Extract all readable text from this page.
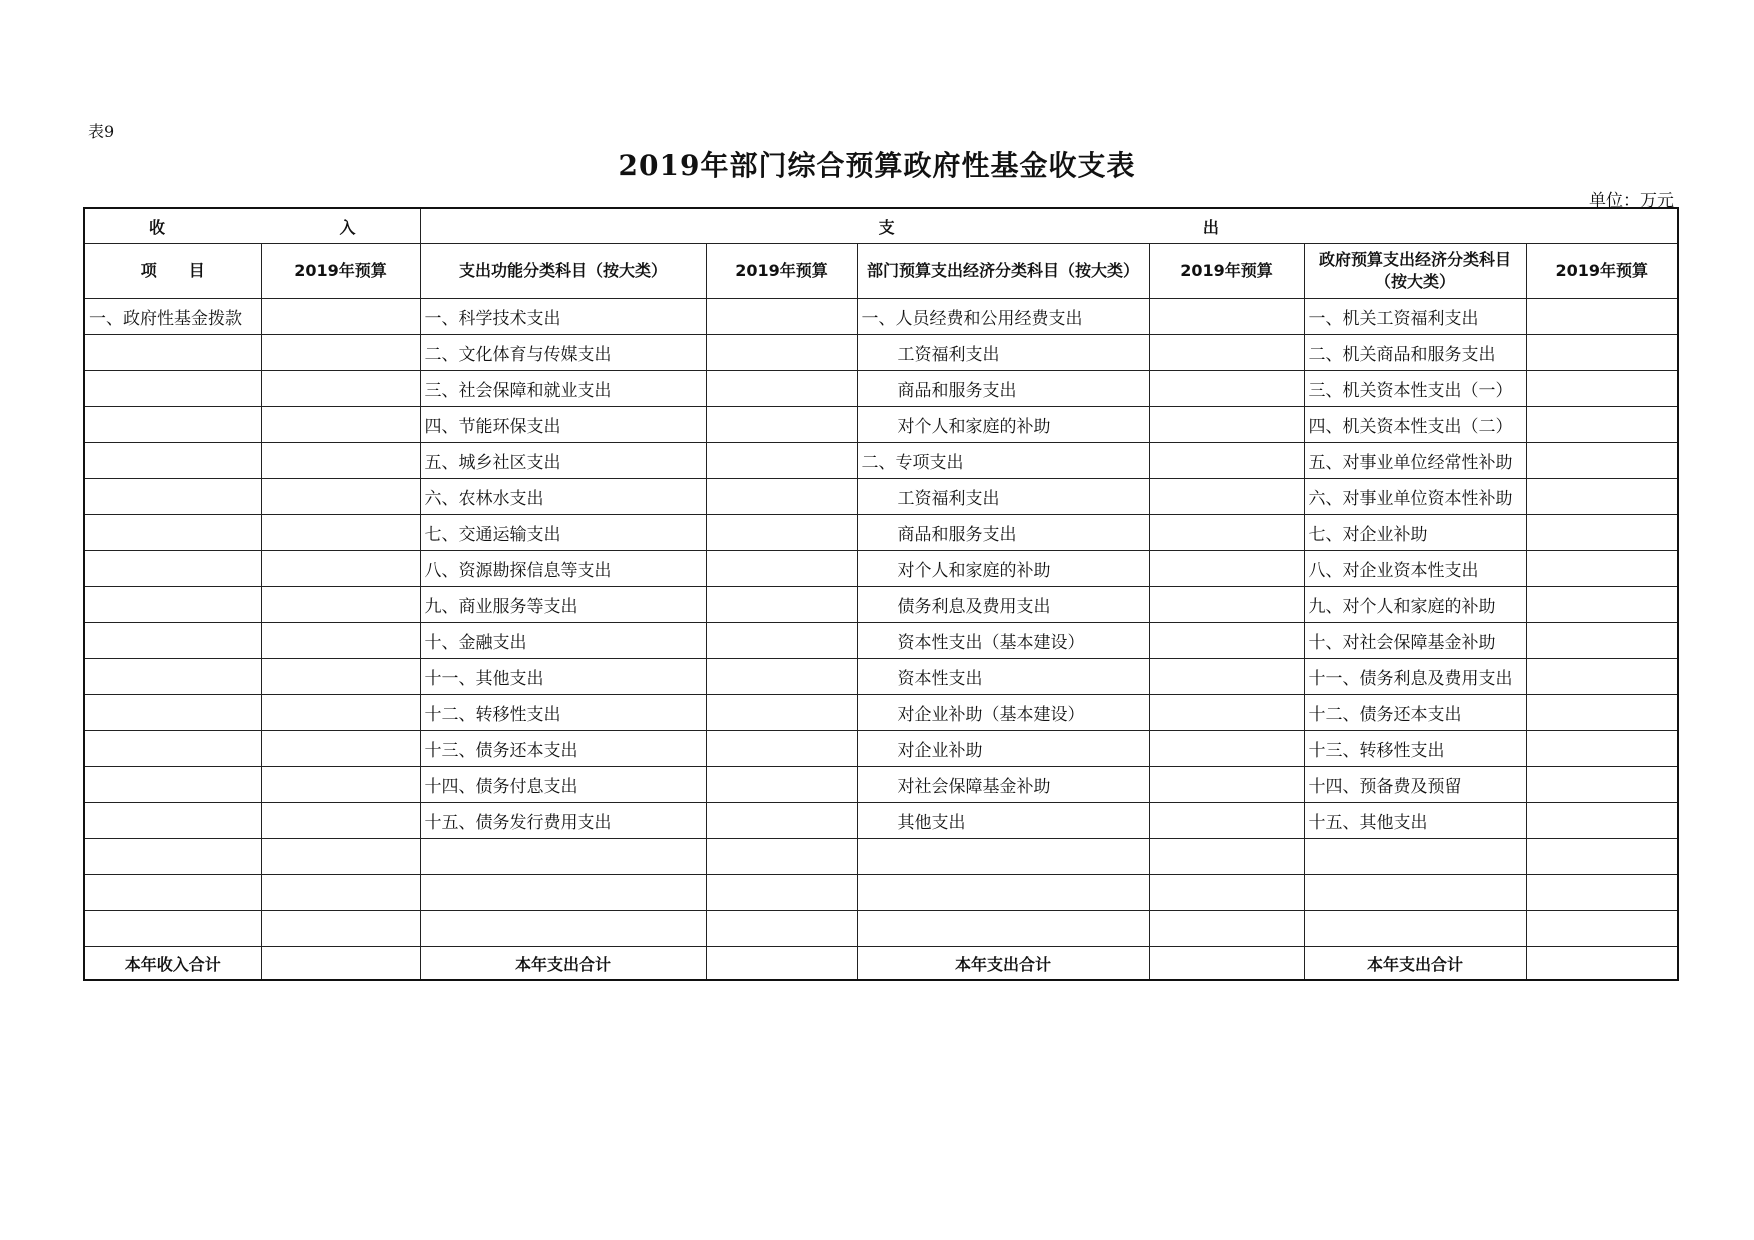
表9
2019年部门综合预算政府性基金收支表
单位：万元
收 入		支 出					

项　　目	2019年预算	支出功能分类科目（按大类）	2019年预算	部门预算支出经济分类科目（按大类）	2019年预算	政府预算支出经济分类科目（按大类）	2019年预算
一、政府性基金拨款		一、科学技术支出		一、人员经费和公用经费支出		一、机关工资福利支出	
		二、文化体育与传媒支出		工资福利支出		二、机关商品和服务支出	
		三、社会保障和就业支出		商品和服务支出		三、机关资本性支出（一）	
		四、节能环保支出		对个人和家庭的补助		四、机关资本性支出（二）	
		五、城乡社区支出		二、专项支出		五、对事业单位经常性补助	
		六、农林水支出		工资福利支出		六、对事业单位资本性补助	
		七、交通运输支出		商品和服务支出		七、对企业补助	
		八、资源勘探信息等支出		对个人和家庭的补助		八、对企业资本性支出	
		九、商业服务等支出		债务利息及费用支出		九、对个人和家庭的补助	
		十、金融支出		资本性支出（基本建设）		十、对社会保障基金补助	
		十一、其他支出		资本性支出		十一、债务利息及费用支出	
		十二、转移性支出		对企业补助（基本建设）		十二、债务还本支出	
		十三、债务还本支出		对企业补助		十三、转移性支出	
		十四、债务付息支出		对社会保障基金补助		十四、预备费及预留	
		十五、债务发行费用支出		其他支出		十五、其他支出	

本年收入合计		本年支出合计		本年支出合计		本年支出合计	
